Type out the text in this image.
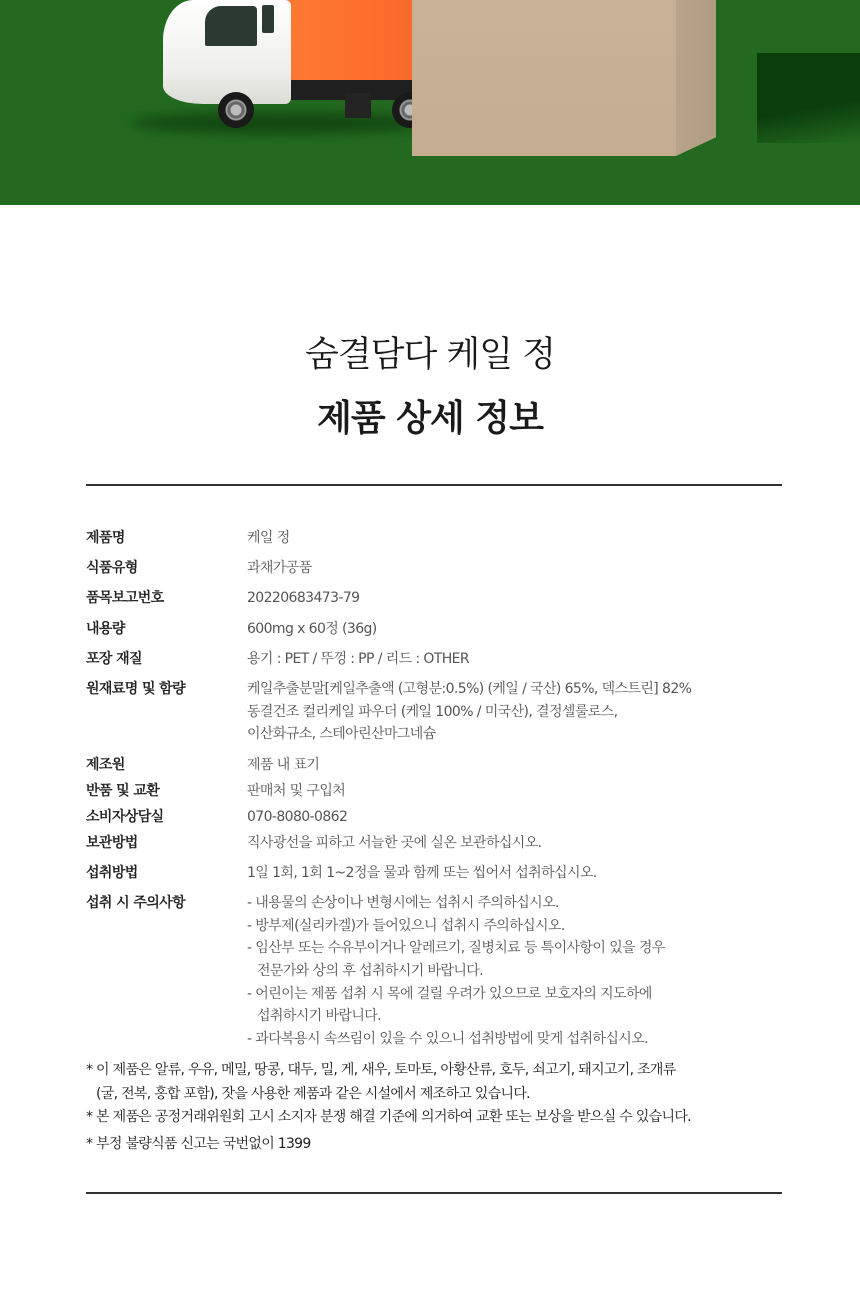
숨결담다 케일 정
제품 상세 정보
제품명	케일 정
식품유형	과채가공품
품목보고번호	20220683473-79
내용량	600mg x 60정 (36g)
포장 재질	용기 : PET / 뚜껑 : PP / 리드 : OTHER
원재료명 및 함량	케일추출분말[케일추출액 (고형분:0.5%) (케일 / 국산) 65%, 덱스트린] 82%
동결건조 컬리케일 파우더 (케일 100% / 미국산), 결정셀룰로스,
이산화규소, 스테아린산마그네슘
제조원	제품 내 표기
반품 및 교환	판매처 및 구입처
소비자상담실	070-8080-0862
보관방법	직사광선을 피하고 서늘한 곳에 실온 보관하십시오.
섭취방법	1일 1회, 1회 1~2정을 물과 함께 또는 씹어서 섭취하십시오.
섭취 시 주의사항	- 내용물의 손상이나 변형시에는 섭취시 주의하십시오.
- 방부제(실리카겔)가 들어있으니 섭취시 주의하십시오.
- 임산부 또는 수유부이거나 알레르기, 질병치료 등 특이사항이 있을 경우
전문가와 상의 후 섭취하시기 바랍니다.
- 어린이는 제품 섭취 시 목에 걸릴 우려가 있으므로 보호자의 지도하에
섭취하시기 바랍니다.
- 과다복용시 속쓰림이 있을 수 있으니 섭취방법에 맞게 섭취하십시오.
* 이 제품은 알류, 우유, 메밀, 땅콩, 대두, 밀, 게, 새우, 토마토, 아황산류, 호두, 쇠고기, 돼지고기, 조개류
(굴, 전복, 홍합 포함), 잣을 사용한 제품과 같은 시설에서 제조하고 있습니다.
* 본 제품은 공정거래위원회 고시 소지자 분쟁 해결 기준에 의거하여 교환 또는 보상을 받으실 수 있습니다.
* 부정 불량식품 신고는 국번없이 1399
